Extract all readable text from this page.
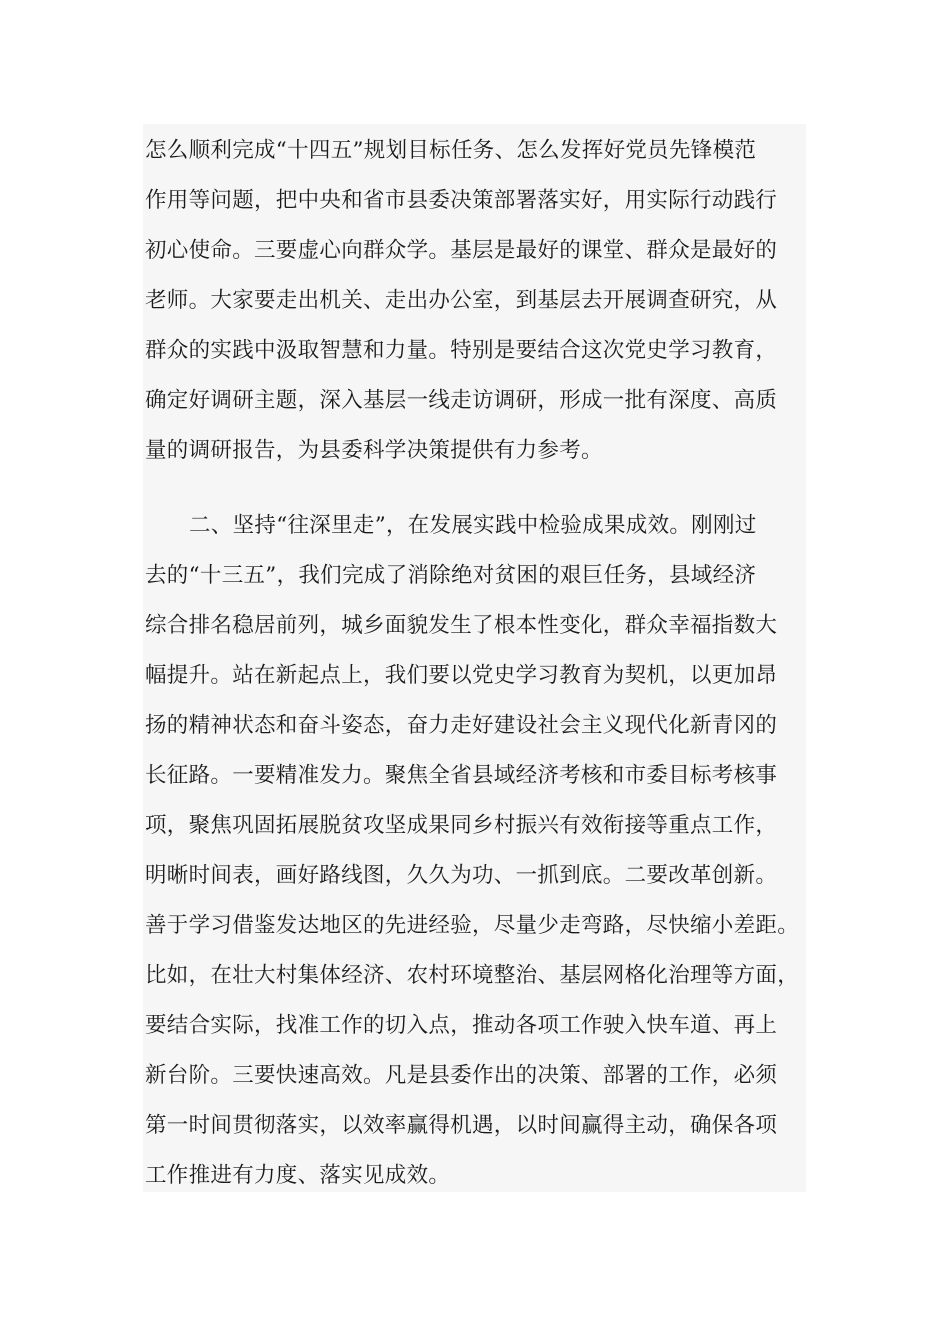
怎么顺利完成“十四五”规划目标任务、怎么发挥好党员先锋模范
作用等问题，把中央和省市县委决策部署落实好，用实际行动践行
初心使命。三要虚心向群众学。基层是最好的课堂、群众是最好的
老师。大家要走出机关、走出办公室，到基层去开展调查研究，从
群众的实践中汲取智慧和力量。特别是要结合这次党史学习教育，
确定好调研主题，深入基层一线走访调研，形成一批有深度、高质
量的调研报告，为县委科学决策提供有力参考。

二、坚持“往深里走”，在发展实践中检验成果成效。刚刚过
去的“十三五”，我们完成了消除绝对贫困的艰巨任务，县域经济
综合排名稳居前列，城乡面貌发生了根本性变化，群众幸福指数大
幅提升。站在新起点上，我们要以党史学习教育为契机，以更加昂
扬的精神状态和奋斗姿态，奋力走好建设社会主义现代化新青冈的
长征路。一要精准发力。聚焦全省县域经济考核和市委目标考核事
项，聚焦巩固拓展脱贫攻坚成果同乡村振兴有效衔接等重点工作，
明晰时间表，画好路线图，久久为功、一抓到底。二要改革创新。
善于学习借鉴发达地区的先进经验，尽量少走弯路，尽快缩小差距。
比如，在壮大村集体经济、农村环境整治、基层网格化治理等方面，
要结合实际，找准工作的切入点，推动各项工作驶入快车道、再上
新台阶。三要快速高效。凡是县委作出的决策、部署的工作，必须
第一时间贯彻落实，以效率赢得机遇，以时间赢得主动，确保各项
工作推进有力度、落实见成效。
